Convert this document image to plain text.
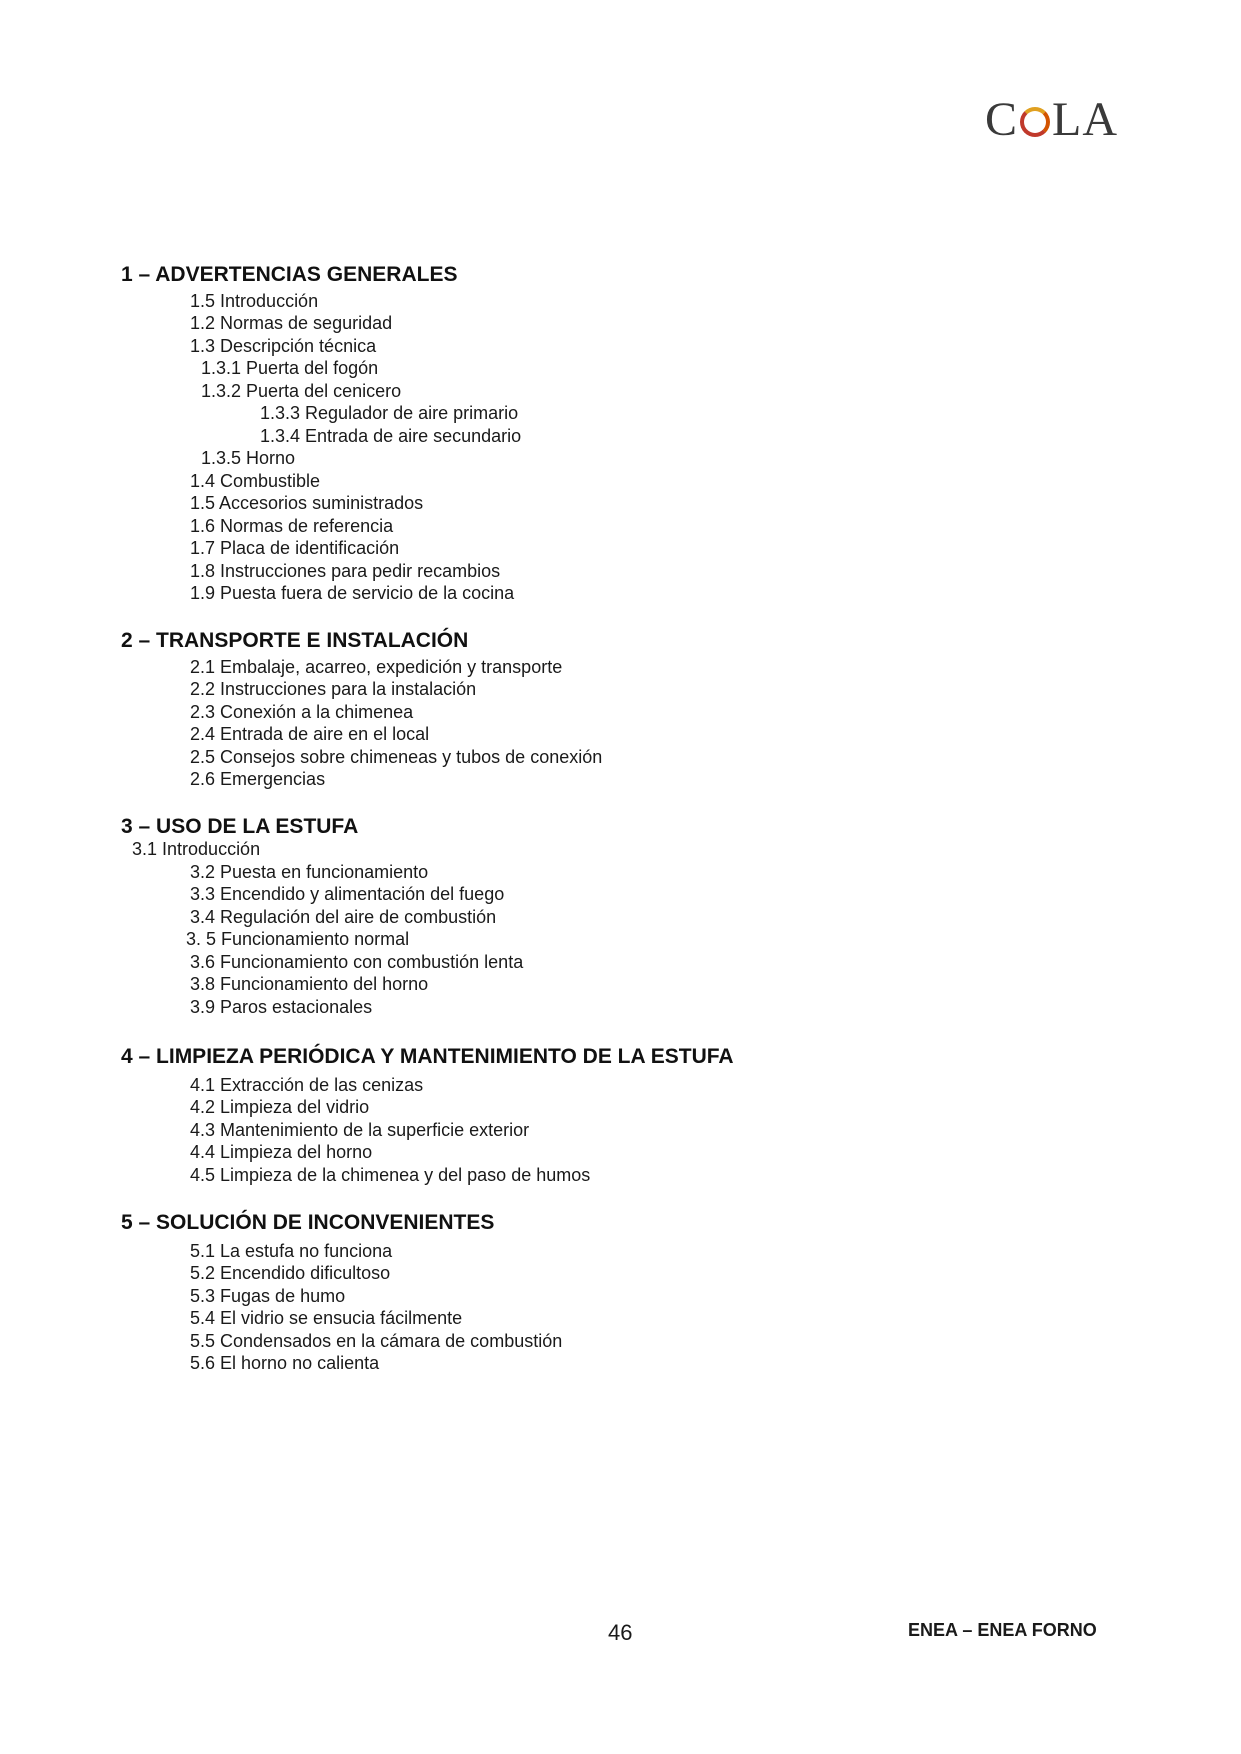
C LA
1 – ADVERTENCIAS GENERALES

1.5 Introducción

1.2 Normas de seguridad

1.3 Descripción técnica

1.3.1 Puerta del fogón

1.3.2 Puerta del cenicero

1.3.3 Regulador de aire primario

1.3.4 Entrada de aire secundario

1.3.5 Horno

1.4 Combustible

1.5 Accesorios suministrados

1.6 Normas de referencia

1.7 Placa de identificación

1.8 Instrucciones para pedir recambios

1.9 Puesta fuera de servicio de la cocina

2 – TRANSPORTE E INSTALACIÓN

2.1 Embalaje, acarreo, expedición y transporte

2.2 Instrucciones para la instalación

2.3 Conexión a la chimenea

2.4 Entrada de aire en el local

2.5 Consejos sobre chimeneas y tubos de conexión

2.6 Emergencias

3 – USO DE LA ESTUFA

3.1 Introducción

3.2 Puesta en funcionamiento

3.3 Encendido y alimentación del fuego

3.4 Regulación del aire de combustión

3. 5 Funcionamiento normal

3.6 Funcionamiento con combustión lenta

3.8 Funcionamiento del horno

3.9 Paros estacionales

4 – LIMPIEZA PERIÓDICA Y MANTENIMIENTO DE LA ESTUFA

4.1 Extracción de las cenizas

4.2 Limpieza del vidrio

4.3 Mantenimiento de la superficie exterior

4.4 Limpieza del horno

4.5 Limpieza de la chimenea y del paso de humos

5 – SOLUCIÓN DE INCONVENIENTES

5.1 La estufa no funciona

5.2 Encendido dificultoso

5.3 Fugas de humo

5.4 El vidrio se ensucia fácilmente

5.5 Condensados en la cámara de combustión

5.6 El horno no calienta

46	ENEA – ENEA FORNO
